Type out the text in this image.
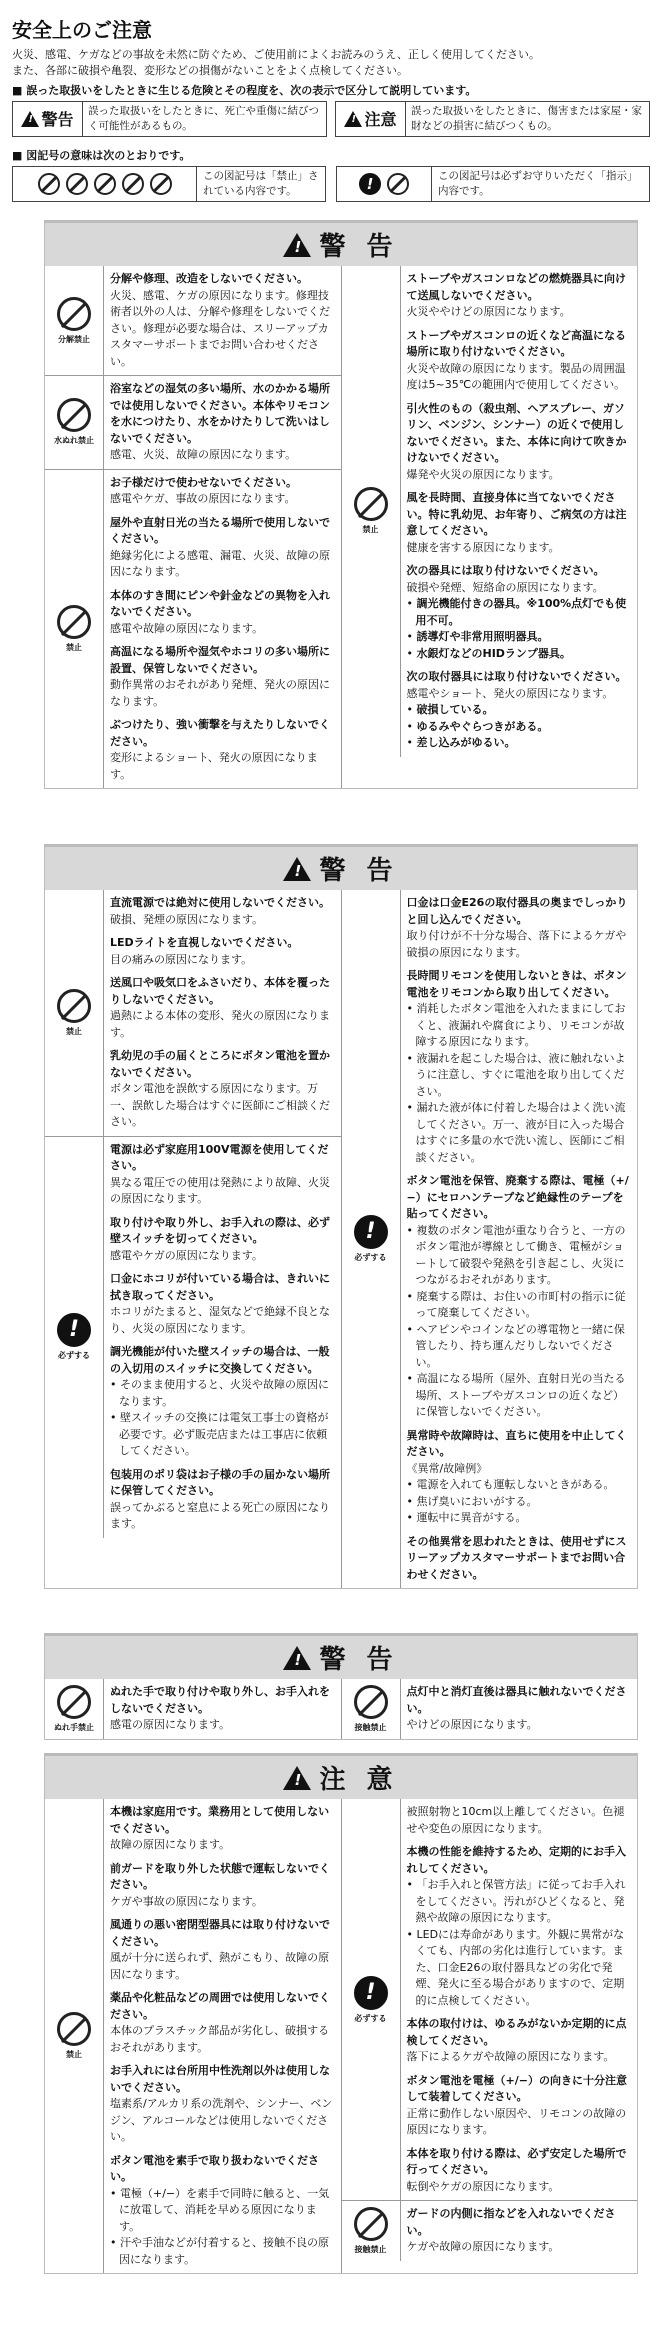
安全上のご注意

火災、感電、ケガなどの事故を未然に防ぐため、ご使用前によくお読みのうえ、正しく使用してください。

また、各部に破損や亀裂、変形などの損傷がないことをよく点検してください。

■ 誤った取扱いをしたときに生じる危険とその程度を、次の表示で区分して説明しています。

!
警告	誤った取扱いをしたときに、死亡や重傷に結びつく可能性があるもの。
!	注意	誤った取扱いをしたときに、傷害または家屋・家財などの損害に結びつくもの。

■ 図記号の意味は次のとおりです。

この図記号は「禁止」されている内容です。
!
この図記号は必ずお守りいただく「指示」内容です。
!
警 告
分解禁止
分解や修理、改造をしないでください。
火災、感電、ケガの原因になります。修理技術者以外の人は、分解や修理をしないでください。修理が必要な場合は、スリーアップカスタマーサポートまでお問い合わせください。
水ぬれ禁止
浴室などの湿気の多い場所、水のかかる場所では使用しないでください。本体やリモコンを水につけたり、水をかけたりして洗いはしないでください。
感電、火災、故障の原因になります。
禁止
お子様だけで使わせないでください。
感電やケガ、事故の原因になります。
屋外や直射日光の当たる場所で使用しないでください。
絶縁劣化による感電、漏電、火災、故障の原因になります。
本体のすき間にピンや針金などの異物を入れないでください。
感電や故障の原因になります。
高温になる場所や湿気やホコリの多い場所に設置、保管しないでください。
動作異常のおそれがあり発煙、発火の原因になります。
ぶつけたり、強い衝撃を与えたりしないでください。
変形によるショート、発火の原因になります。
禁止
ストーブやガスコンロなどの燃焼器具に向けて送風しないでください。
火災ややけどの原因になります。
ストーブやガスコンロの近くなど高温になる場所に取り付けないでください。
火災や故障の原因になります。製品の周囲温度は5~35℃の範囲内で使用してください。
引火性のもの（殺虫剤、ヘアスプレー、ガソリン、ベンジン、シンナー）の近くで使用しないでください。また、本体に向けて吹きかけないでください。
爆発や火災の原因になります。
風を長時間、直接身体に当てないでください。特に乳幼児、お年寄り、ご病気の方は注意してください。
健康を害する原因になります。
次の器具には取り付けないでください。
破損や発煙、短絡命の原因になります。
• 調光機能付きの器具。※100%点灯でも使用不可。
• 誘導灯や非常用照明器具。
• 水銀灯などのHIDランプ器具。
次の取付器具には取り付けないでください。
感電やショート、発火の原因になります。
• 破損している。
• ゆるみやぐらつきがある。
• 差し込みがゆるい。
!
警 告
禁止
直流電源では絶対に使用しないでください。
破損、発煙の原因になります。
LEDライトを直視しないでください。
目の痛みの原因になります。
送風口や吸気口をふさいだり、本体を覆ったりしないでください。
過熱による本体の変形、発火の原因になります。
乳幼児の手の届くところにボタン電池を置かないでください。
ボタン電池を誤飲する原因になります。万一、誤飲した場合はすぐに医師にご相談ください。
!
必ずする
電源は必ず家庭用100V電源を使用してください。
異なる電圧での使用は発熱により故障、火災の原因になります。
取り付けや取り外し、お手入れの際は、必ず壁スイッチを切ってください。
感電やケガの原因になります。
口金にホコリが付いている場合は、きれいに拭き取ってください。
ホコリがたまると、湿気などで絶縁不良となり、火災の原因になります。
調光機能が付いた壁スイッチの場合は、一般の入切用のスイッチに交換してください。
• そのまま使用すると、火災や故障の原因になります。
• 壁スイッチの交換には電気工事士の資格が必要です。必ず販売店または工事店に依頼してください。
包装用のポリ袋はお子様の手の届かない場所に保管してください。
誤ってかぶると窒息による死亡の原因になります。
!
必ずする
口金は口金E26の取付器具の奥までしっかりと回し込んでください。
取り付けが不十分な場合、落下によるケガや破損の原因になります。
長時間リモコンを使用しないときは、ボタン電池をリモコンから取り出してください。
• 消耗したボタン電池を入れたままにしておくと、液漏れや腐食により、リモコンが故障する原因になります。
• 液漏れを起こした場合は、液に触れないように注意し、すぐに電池を取り出してください。
• 漏れた液が体に付着した場合はよく洗い流してください。万一、液が目に入った場合はすぐに多量の水で洗い流し、医師にご相談ください。
ボタン電池を保管、廃棄する際は、電極（+/−）にセロハンテープなど絶縁性のテープを貼ってください。
• 複数のボタン電池が重なり合うと、一方のボタン電池が導線として働き、電極がショートして破裂や発熱を引き起こし、火災につながるおそれがあります。
• 廃棄する際は、お住いの市町村の指示に従って廃棄してください。
• ヘアピンやコインなどの導電物と一緒に保管したり、持ち運んだりしないでください。
• 高温になる場所（屋外、直射日光の当たる場所、ストーブやガスコンロの近くなど）に保管しないでください。
異常時や故障時は、直ちに使用を中止してください。
《異常/故障例》
• 電源を入れても運転しないときがある。
• 焦げ臭いにおいがする。
• 運転中に異音がする。
その他異常を思われたときは、使用せずにスリーアップカスタマーサポートまでお問い合わせください。
!
警 告
ぬれ手禁止
ぬれた手で取り付けや取り外し、お手入れをしないでください。
感電の原因になります。	接触禁止
点灯中と消灯直後は器具に触れないでください。
やけどの原因になります。
!
注 意
禁止
本機は家庭用です。業務用として使用しないでください。
故障の原因になります。
前ガードを取り外した状態で運転しないでください。
ケガや事故の原因になります。
風通りの悪い密閉型器具には取り付けないでください。
風が十分に送られず、熱がこもり、故障の原因になります。
薬品や化粧品などの周囲では使用しないでください。
本体のプラスチック部品が劣化し、破損するおそれがあります。
お手入れには台所用中性洗剤以外は使用しないでください。
塩素系/アルカリ系の洗剤や、シンナー、ベンジン、アルコールなどは使用しないでください。
ボタン電池を素手で取り扱わないでください。
• 電極（+/−）を素手で同時に触ると、一気に放電して、消耗を早める原因になります。
• 汗や手油などが付着すると、接触不良の原因になります。
!
必ずする
被照射物と10cm以上離してください。色褪せや変色の原因になります。
本機の性能を維持するため、定期的にお手入れしてください。
• 「お手入れと保管方法」に従ってお手入れをしてください。汚れがひどくなると、発熱や故障の原因になります。
• LEDには寿命があります。外観に異常がなくても、内部の劣化は進行しています。また、口金E26の取付器具などの劣化で発煙、発火に至る場合がありますので、定期的に点検してください。
本体の取付けは、ゆるみがないか定期的に点検してください。
落下によるケガや故障の原因になります。
ボタン電池を電極（+/−）の向きに十分注意して装着してください。
正常に動作しない原因や、リモコンの故障の原因になります。
本体を取り付ける際は、必ず安定した場所で行ってください。
転倒やケガの原因になります。
接触禁止
ガードの内側に指などを入れないでください。
ケガや故障の原因になります。
